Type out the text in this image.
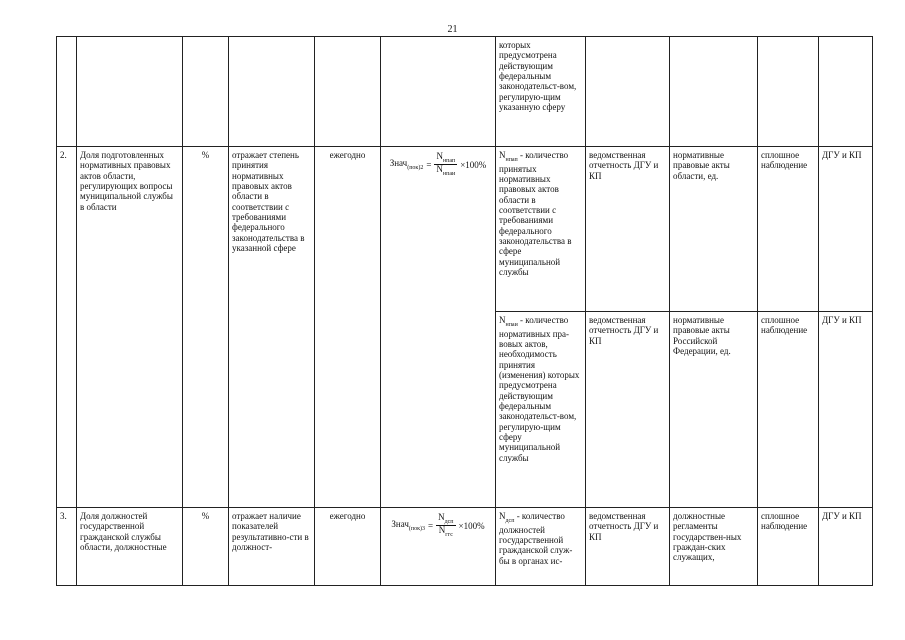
21
						которых предусмотрена действующим федеральным законодательст-вом, регулирую-щим указанную сферу				
2.	Доля подготовленных нормативных правовых актов области, регулирующих вопросы муниципальной службы в области	%	отражает степень принятия нормативных правовых актов области в соответствии с требованиями федерального законодательства в указанной сфере	ежегодно	Знач$_{(пок)2}$ = $\frac{N_{нпап}}{N_{нпаи}} \times 100\%$	$N_{нпап}$ - количество принятых нормативных правовых актов области в соответствии с требованиями федерального законодательства в сфере муниципальной службы	ведомственная отчетность ДГУ и КП	нормативные правовые акты области, ед.	сплошное наблюдение	ДГУ и КП
						$N_{нпаи}$ - количество нормативных пра-вовых актов, необходимость принятия (изменения) которых предусмотрена действующим федеральным законодательст-вом, регулирую-щим сферу муниципальной службы	ведомственная отчетность ДГУ и КП	нормативные правовые акты Российской Федерации, ед.	сплошное наблюдение	ДГУ и КП
3.	Доля должностей государственной гражданской службы области, должностные	%	отражает наличие показателей результативно-сти в должност-	ежегодно	Знач$_{(пок)3}$ = $\frac{N_{дсп}}{N_{ггс}} \times 100\%$	$N_{дсп}$ - количество должностей государственной гражданской служ-бы в органах ис-	ведомственная отчетность ДГУ и КП	должностные регламенты государствен-ных граждан-ских служащих,	сплошное наблюдение	ДГУ и КП
